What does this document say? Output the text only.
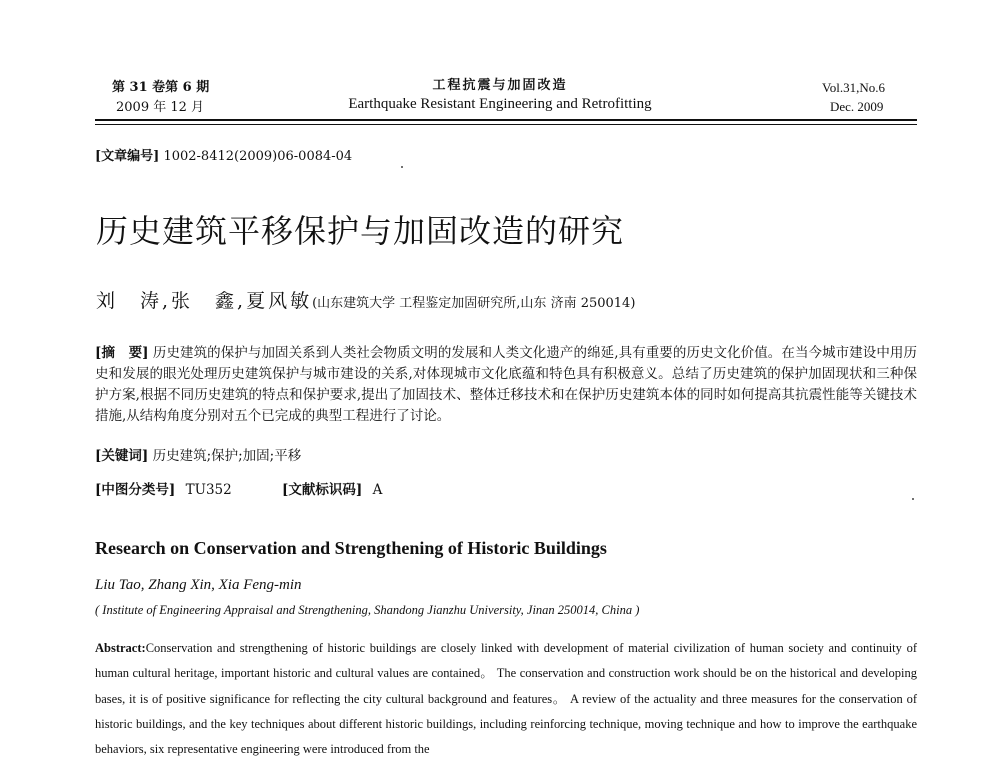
第 31 卷第 6 期
2009 年 12 月
工程抗震与加固改造
Earthquake Resistant Engineering and Retrofitting
Vol.31,No.6
Dec. 2009
[文章编号] 1002-8412(2009)06-0084-04
历史建筑平移保护与加固改造的研究
刘　涛,张　鑫,夏风敏(山东建筑大学 工程鉴定加固研究所,山东 济南 250014)
[摘　要] 历史建筑的保护与加固关系到人类社会物质文明的发展和人类文化遗产的绵延,具有重要的历史文化价值。在当今城市建设中用历史和发展的眼光处理历史建筑保护与城市建设的关系,对体现城市文化底蕴和特色具有积极意义。总结了历史建筑的保护加固现状和三种保护方案,根据不同历史建筑的特点和保护要求,提出了加固技术、整体迁移技术和在保护历史建筑本体的同时如何提高其抗震性能等关键技术措施,从结构角度分别对五个已完成的典型工程进行了讨论。
[关键词] 历史建筑;保护;加固;平移
[中图分类号] TU352	[文献标识码] A
Research on Conservation and Strengthening of Historic Buildings
Liu Tao, Zhang Xin, Xia Feng-min
( Institute of Engineering Appraisal and Strengthening, Shandong Jianzhu University, Jinan 250014, China )
Abstract:Conservation and strengthening of historic buildings are closely linked with development of material civilization of human society and continuity of human cultural heritage, important historic and cultural values are contained。 The conservation and construction work should be on the historical and developing bases, it is of positive significance for reflecting the city cultural background and features。 A review of the actuality and three measures for the conservation of historic buildings, and the key techniques about different historic buildings, including reinforcing technique, moving technique and how to improve the earthquake behaviors, six representative engineering were introduced from the
